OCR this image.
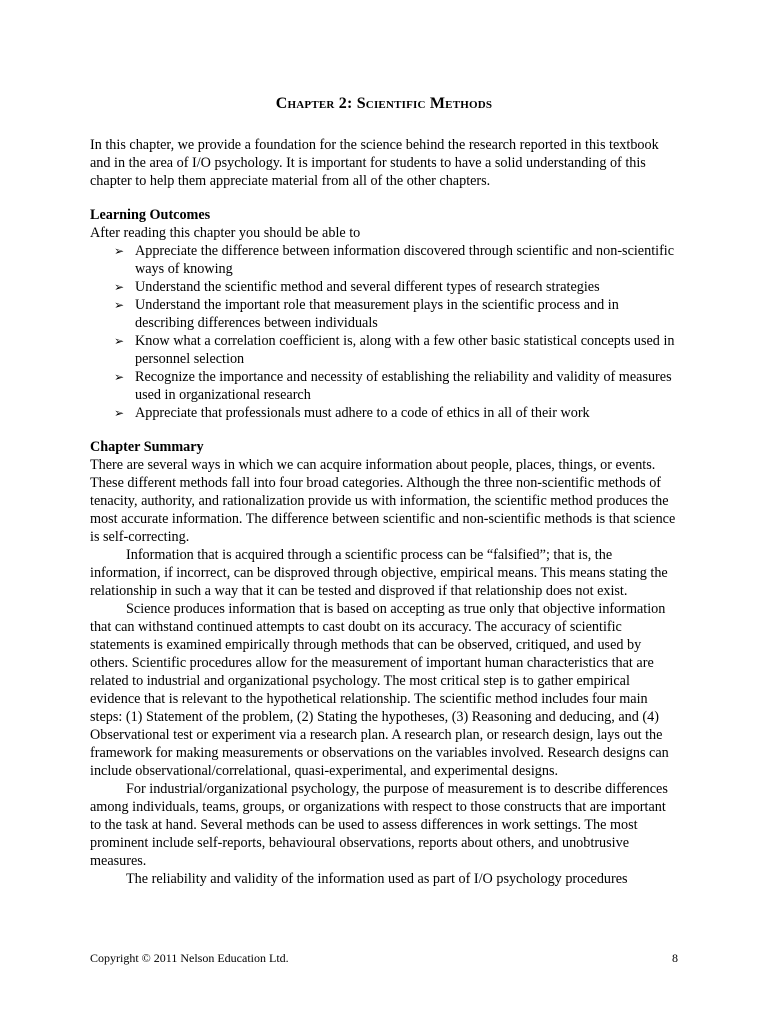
Chapter 2: Scientific Methods

In this chapter, we provide a foundation for the science behind the research reported in this textbook and in the area of I/O psychology. It is important for students to have a solid understanding of this chapter to help them appreciate material from all of the other chapters.

Learning Outcomes

After reading this chapter you should be able to

➢ Appreciate the difference between information discovered through scientific and non-scientific ways of knowing
➢ Understand the scientific method and several different types of research strategies
➢ Understand the important role that measurement plays in the scientific process and in describing differences between individuals
➢ Know what a correlation coefficient is, along with a few other basic statistical concepts used in personnel selection
➢ Recognize the importance and necessity of establishing the reliability and validity of measures used in organizational research
➢ Appreciate that professionals must adhere to a code of ethics in all of their work

Chapter Summary

There are several ways in which we can acquire information about people, places, things, or events. These different methods fall into four broad categories. Although the three non-scientific methods of tenacity, authority, and rationalization provide us with information, the scientific method produces the most accurate information. The difference between scientific and non-scientific methods is that science is self-correcting.

Information that is acquired through a scientific process can be “falsified”; that is, the information, if incorrect, can be disproved through objective, empirical means. This means stating the relationship in such a way that it can be tested and disproved if that relationship does not exist.

Science produces information that is based on accepting as true only that objective information that can withstand continued attempts to cast doubt on its accuracy. The accuracy of scientific statements is examined empirically through methods that can be observed, critiqued, and used by others. Scientific procedures allow for the measurement of important human characteristics that are related to industrial and organizational psychology. The most critical step is to gather empirical evidence that is relevant to the hypothetical relationship. The scientific method includes four main steps: (1) Statement of the problem, (2) Stating the hypotheses, (3) Reasoning and deducing, and (4) Observational test or experiment via a research plan. A research plan, or research design, lays out the framework for making measurements or observations on the variables involved. Research designs can include observational/correlational, quasi-experimental, and experimental designs.

For industrial/organizational psychology, the purpose of measurement is to describe differences among individuals, teams, groups, or organizations with respect to those constructs that are important to the task at hand. Several methods can be used to assess differences in work settings. The most prominent include self-reports, behavioural observations, reports about others, and unobtrusive measures.

The reliability and validity of the information used as part of I/O psychology procedures

Copyright © 2011 Nelson Education Ltd.	8
